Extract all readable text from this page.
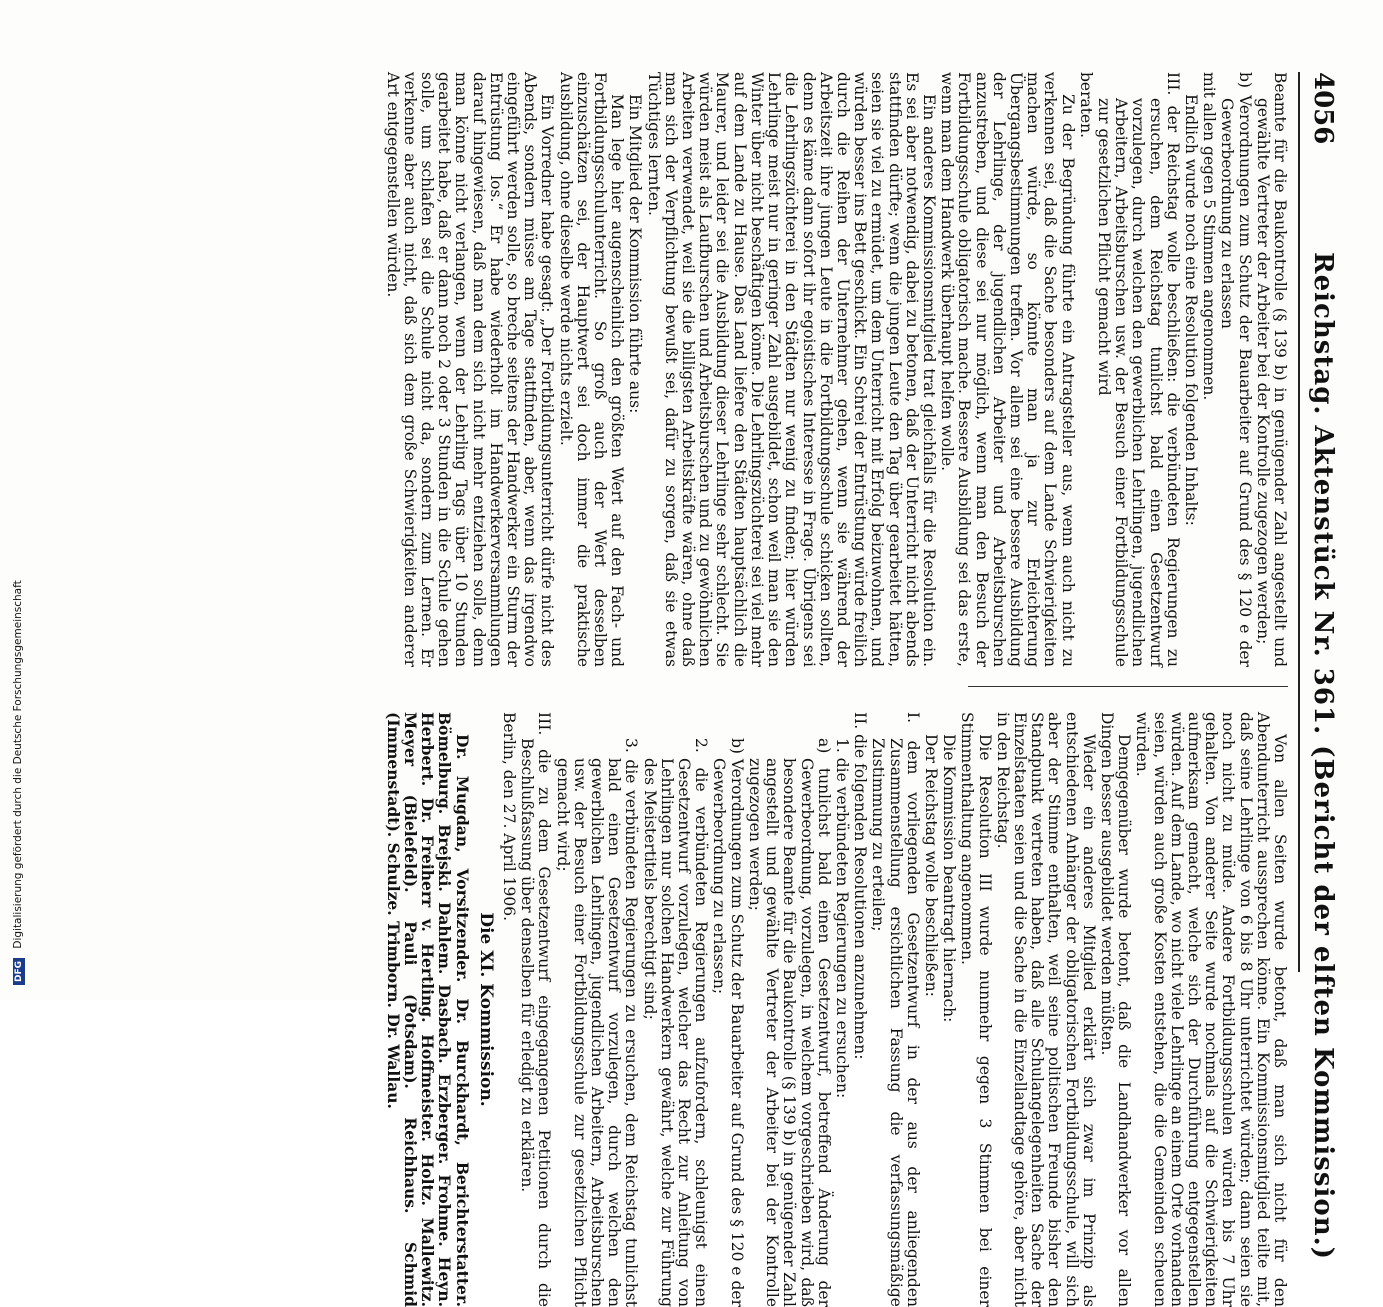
4056
Reichstag. Aktenstück Nr. 361. (Bericht der elften Kommission.)

Beamte für die Baukontrolle (§ 139 b) in genügender Zahl angestellt und gewählte Vertreter der Arbeiter bei der Kontrolle zugezogen werden;

b) Verordnungen zum Schutz der Bauarbeiter auf Grund des § 120 e der Gewerbeordnung zu erlassen

mit allen gegen 5 Stimmen angenommen.

Endlich wurde noch eine Resolution folgenden Inhalts:

III. der Reichstag wolle beschließen: die verbündeten Regierungen zu ersuchen, dem Reichstag tunlichst bald einen Gesetzentwurf vorzulegen, durch welchen den gewerblichen Lehrlingen, jugendlichen Arbeitern, Arbeitsburschen usw. der Besuch einer Fortbildungsschule zur gesetzlichen Pflicht gemacht wird

beraten.

Zu der Begründung führte ein Antragsteller aus, wenn auch nicht zu verkennen sei, daß die Sache besonders auf dem Lande Schwierigkeiten machen würde, so könnte man ja zur Erleichterung Übergangsbestimmungen treffen. Vor allem sei eine bessere Ausbildung der Lehrlinge, der jugendlichen Arbeiter und Arbeitsburschen anzustreben, und diese sei nur möglich, wenn man den Besuch der Fortbildungsschule obligatorisch mache. Bessere Ausbildung sei das erste, wenn man dem Handwerk überhaupt helfen wolle.

Ein anderes Kommissionsmitglied trat gleichfalls für die Resolution ein. Es sei aber notwendig, dabei zu betonen, daß der Unterricht nicht abends stattfinden dürfte; wenn die jungen Leute den Tag über gearbeitet hätten, seien sie viel zu ermüdet, um dem Unterricht mit Erfolg beizuwohnen, und würden besser ins Bett geschickt. Ein Schrei der Entrüstung würde freilich durch die Reihen der Unternehmer gehen, wenn sie während der Arbeitszeit ihre jungen Leute in die Fortbildungsschule schicken sollten, denn es käme dann sofort ihr egoistisches Interesse in Frage. Übrigens sei die Lehrlingszüchterei in den Städten nur wenig zu finden; hier würden Lehrlinge meist nur in geringer Zahl ausgebildet, schon weil man sie den Winter über nicht beschäftigen könne. Die Lehrlingszüchterei sei viel mehr auf dem Lande zu Hause. Das Land liefere den Städten hauptsächlich die Maurer, und leider sei die Ausbildung dieser Lehrlinge sehr schlecht. Sie würden meist als Laufburschen und Arbeitsburschen und zu gewöhnlichen Arbeiten verwendet, weil sie die billigsten Arbeitskräfte wären, ohne daß man sich der Verpflichtung bewußt sei, dafür zu sorgen, daß sie etwas Tüchtiges lernten.

Ein Mitglied der Kommission führte aus:

Man lege hier augenscheinlich den größten Wert auf den Fach- und Fortbildungsschulunterricht. So groß auch der Wert desselben einzuschätzen sei, der Hauptwert sei doch immer die praktische Ausbildung, ohne dieselbe werde nichts erzielt.

Ein Vorredner habe gesagt: „Der Fortbildungsunterricht dürfe nicht des Abends, sondern müsse am Tage stattfinden, aber, wenn das irgendwo eingeführt werden solle, so breche seitens der Handwerker ein Sturm der Entrüstung los.“ Er habe wiederholt im Handwerkerversammlungen darauf hingewiesen, daß man dem sich nicht mehr entziehen solle, denn man könne nicht verlangen, wenn der Lehrling Tags über 10 Stunden gearbeitet habe, daß er dann noch 2 oder 3 Stunden in die Schule gehen solle, um schlafen sei die Schule nicht da, sondern zum Lernen. Er verkenne aber auch nicht, daß sich dem große Schwierigkeiten anderer Art entgegenstellen würden.

Von allen Seiten wurde betont, daß man sich nicht für den Abendunterricht aussprechen könne. Ein Kommissionsmitglied teilte mit, daß seine Lehrlinge von 6 bis 8 Uhr unterrichtet würden; dann seien sie noch nicht zu müde. Andere Fortbildungsschulen würden bis 7 Uhr gehalten. Von anderer Seite wurde nochmals auf die Schwierigkeiten aufmerksam gemacht, welche sich der Durchführung entgegenstellen würden. Auf dem Lande, wo nicht viele Lehrlinge an einem Orte vorhanden seien, würden auch große Kosten entstehen, die die Gemeinden scheuen würden.

Demgegenüber wurde betont, daß die Landhandwerker vor allen Dingen besser ausgebildet werden müßten.

Wieder ein anderes Mitglied erklärt sich zwar im Prinzip als entschiedenen Anhänger der obligatorischen Fortbildungsschule, will sich aber der Stimme enthalten, weil seine politischen Freunde bisher den Standpunkt vertreten haben, daß alle Schulangelegenheiten Sache der Einzelstaaten seien und die Sache in die Einzellandtage gehöre, aber nicht in den Reichstag.

Die Resolution III wurde nunmehr gegen 3 Stimmen bei einer Stimmenthaltung angenommen.

Die Kommission beantragt hiernach:

Der Reichstag wolle beschließen:

I. dem vorliegenden Gesetzentwurf in der aus der anliegenden Zusammenstellung ersichtlichen Fassung die verfassungsmäßige Zustimmung zu erteilen;

II. die folgenden Resolutionen anzunehmen:

1. die verbündeten Regierungen zu ersuchen:

a) tunlichst bald einen Gesetzentwurf, betreffend Änderung der Gewerbeordnung, vorzulegen, in welchem vorgeschrieben wird, daß besondere Beamte für die Baukontrolle (§ 139 b) in genügender Zahl angestellt und gewählte Vertreter der Arbeiter bei der Kontrolle zugezogen werden;

b) Verordnungen zum Schutz der Bauarbeiter auf Grund des § 120 e der Gewerbeordnung zu erlassen;

2. die verbündeten Regierungen aufzufordern, schleunigst einen Gesetzentwurf vorzulegen, welcher das Recht zur Anleitung von Lehrlingen nur solchen Handwerkern gewährt, welche zur Führung des Meistertitels berechtigt sind;

3. die verbündeten Regierungen zu ersuchen, dem Reichstag tunlichst bald einen Gesetzentwurf vorzulegen, durch welchen den gewerblichen Lehrlingen, jugendlichen Arbeitern, Arbeitsburschen usw. der Besuch einer Fortbildungsschule zur gesetzlichen Pflicht gemacht wird;

III. die zu dem Gesetzentwurf eingegangenen Petitionen durch die Beschlußfassung über denselben für erledigt zu erklären.

Berlin, den 27. April 1906.

Die XI. Kommission.

Dr. Mugdan, Vorsitzender. Dr. Burckhardt, Berichterstatter. Bömelburg. Brejski. Dahlem. Dasbach. Erzberger. Frohme. Heyn. Herbert. Dr. Freiherr v. Hertling. Hoffmeister. Holtz. Mallewitz. Meyer (Bielefeld). Pauli (Potsdam). Reichhaus. Schmid (Immenstadt). Schulze. Trimborn. Dr. Wallau.

DFG Digitalisierung gefördert durch die Deutsche Forschungsgemeinschaft
